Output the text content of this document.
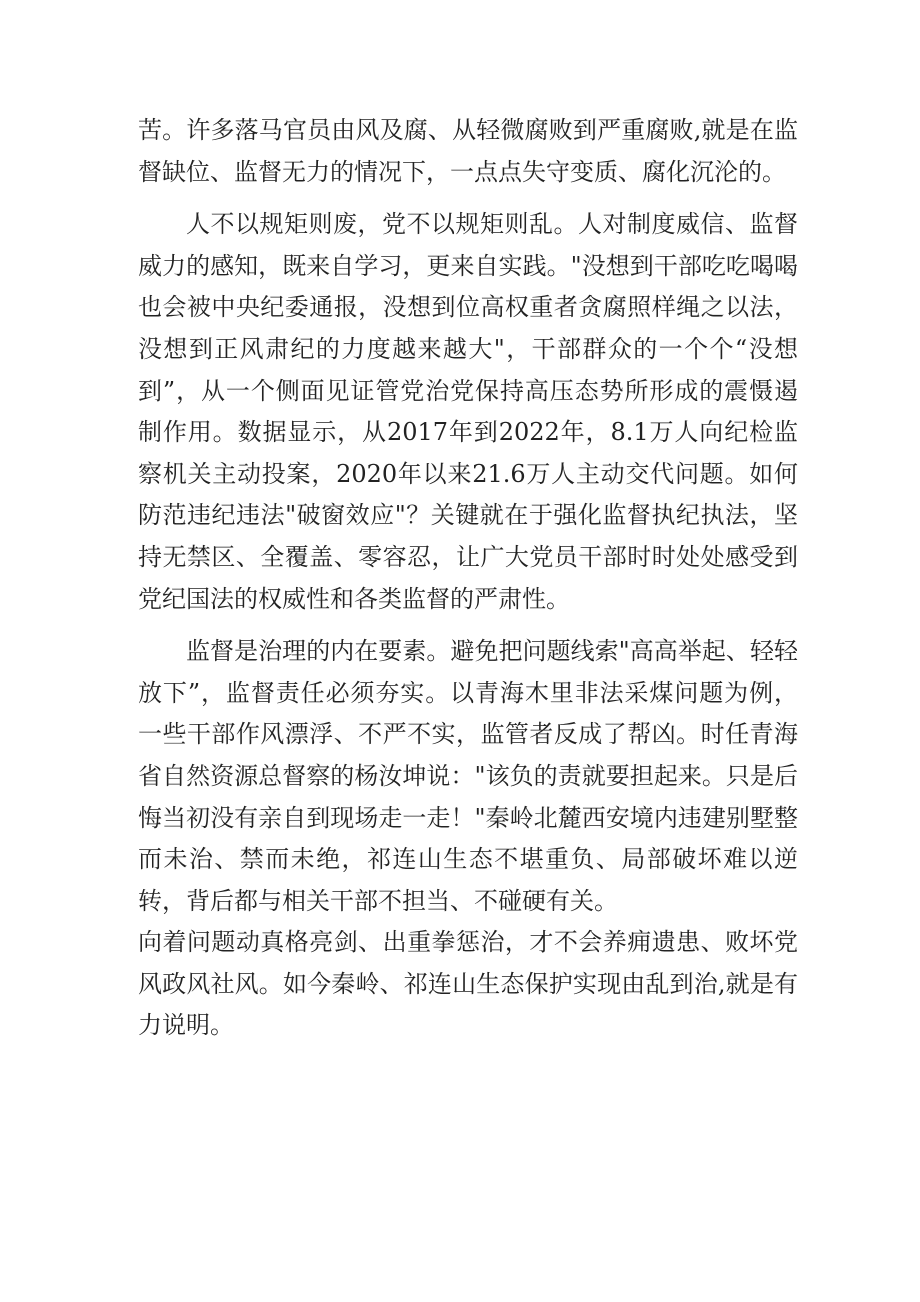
苦。许多落马官员由风及腐、从轻微腐败到严重腐败,就是在监督缺位、监督无力的情况下，一点点失守变质、腐化沉沦的。

人不以规矩则废，党不以规矩则乱。人对制度威信、监督威力的感知，既来自学习，更来自实践。"没想到干部吃吃喝喝也会被中央纪委通报，没想到位高权重者贪腐照样绳之以法，没想到正风肃纪的力度越来越大"，干部群众的一个个“没想到”，从一个侧面见证管党治党保持高压态势所形成的震慑遏制作用。数据显示，从2017年到2022年，8.1万人向纪检监察机关主动投案，2020年以来21.6万人主动交代问题。如何防范违纪违法"破窗效应"？关键就在于强化监督执纪执法，坚持无禁区、全覆盖、零容忍，让广大党员干部时时处处感受到党纪国法的权威性和各类监督的严肃性。

监督是治理的内在要素。避免把问题线索"高高举起、轻轻放下”，监督责任必须夯实。以青海木里非法采煤问题为例，一些干部作风漂浮、不严不实，监管者反成了帮凶。时任青海省自然资源总督察的杨汝坤说："该负的责就要担起来。只是后悔当初没有亲自到现场走一走！"秦岭北麓西安境内违建别墅整而未治、禁而未绝，祁连山生态不堪重负、局部破坏难以逆转，背后都与相关干部不担当、不碰硬有关。

向着问题动真格亮剑、出重拳惩治，才不会养痈遗患、败坏党风政风社风。如今秦岭、祁连山生态保护实现由乱到治,就是有力说明。
